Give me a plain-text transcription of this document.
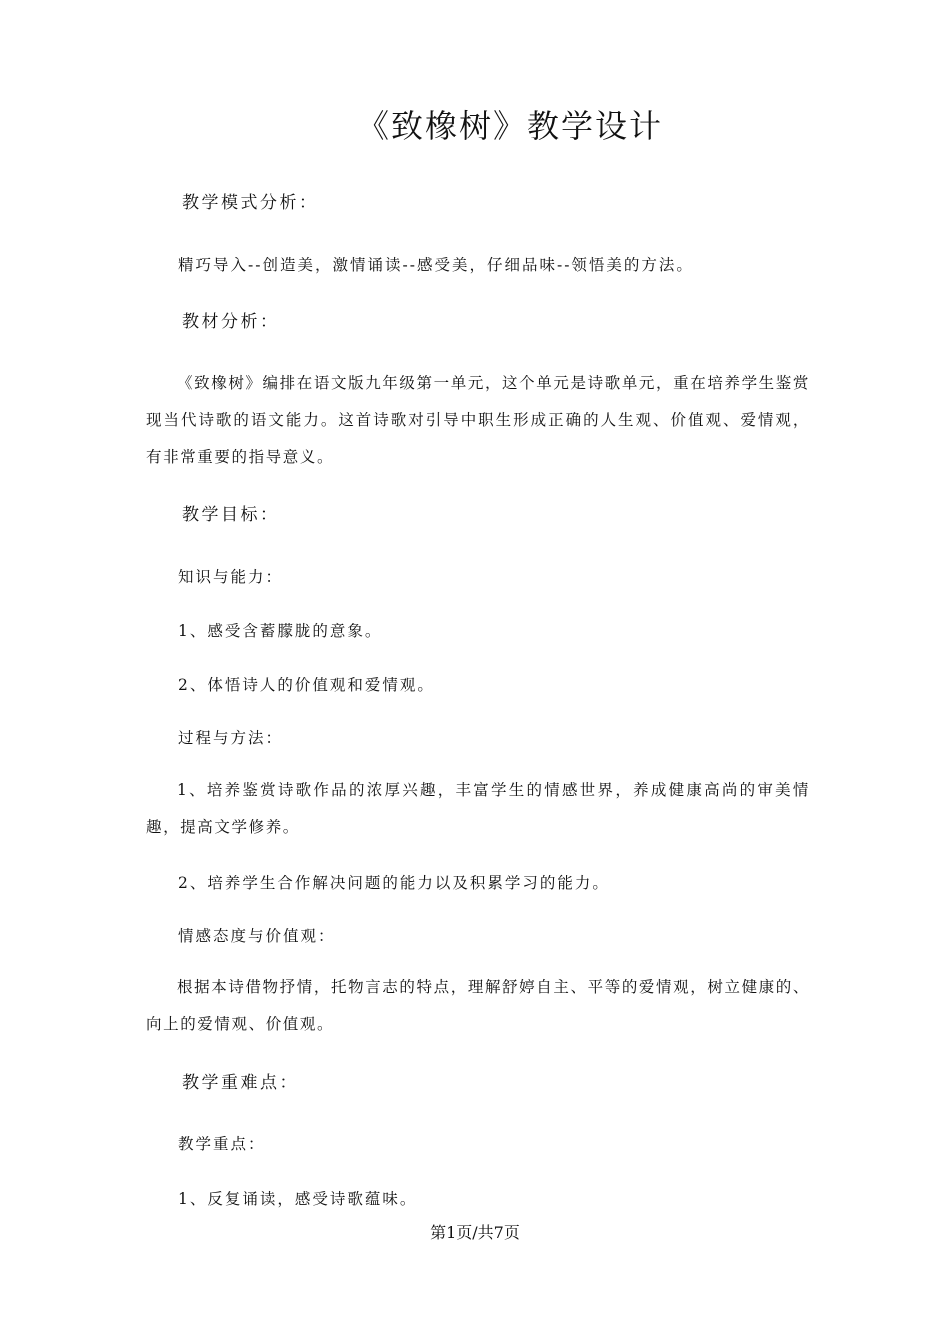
《致橡树》教学设计

教学模式分析：

精巧导入--创造美，激情诵读--感受美，仔细品味--领悟美的方法。

教材分析：

《致橡树》编排在语文版九年级第一单元，这个单元是诗歌单元，重在培养学生鉴赏现当代诗歌的语文能力。这首诗歌对引导中职生形成正确的人生观、价值观、爱情观，有非常重要的指导意义。

教学目标：

知识与能力：

1、感受含蓄朦胧的意象。

2、体悟诗人的价值观和爱情观。

过程与方法：

1、培养鉴赏诗歌作品的浓厚兴趣，丰富学生的情感世界，养成健康高尚的审美情趣，提高文学修养。

2、培养学生合作解决问题的能力以及积累学习的能力。

情感态度与价值观：

根据本诗借物抒情，托物言志的特点，理解舒婷自主、平等的爱情观，树立健康的、向上的爱情观、价值观。

教学重难点：

教学重点：

1、反复诵读，感受诗歌蕴味。

第1页/共7页
